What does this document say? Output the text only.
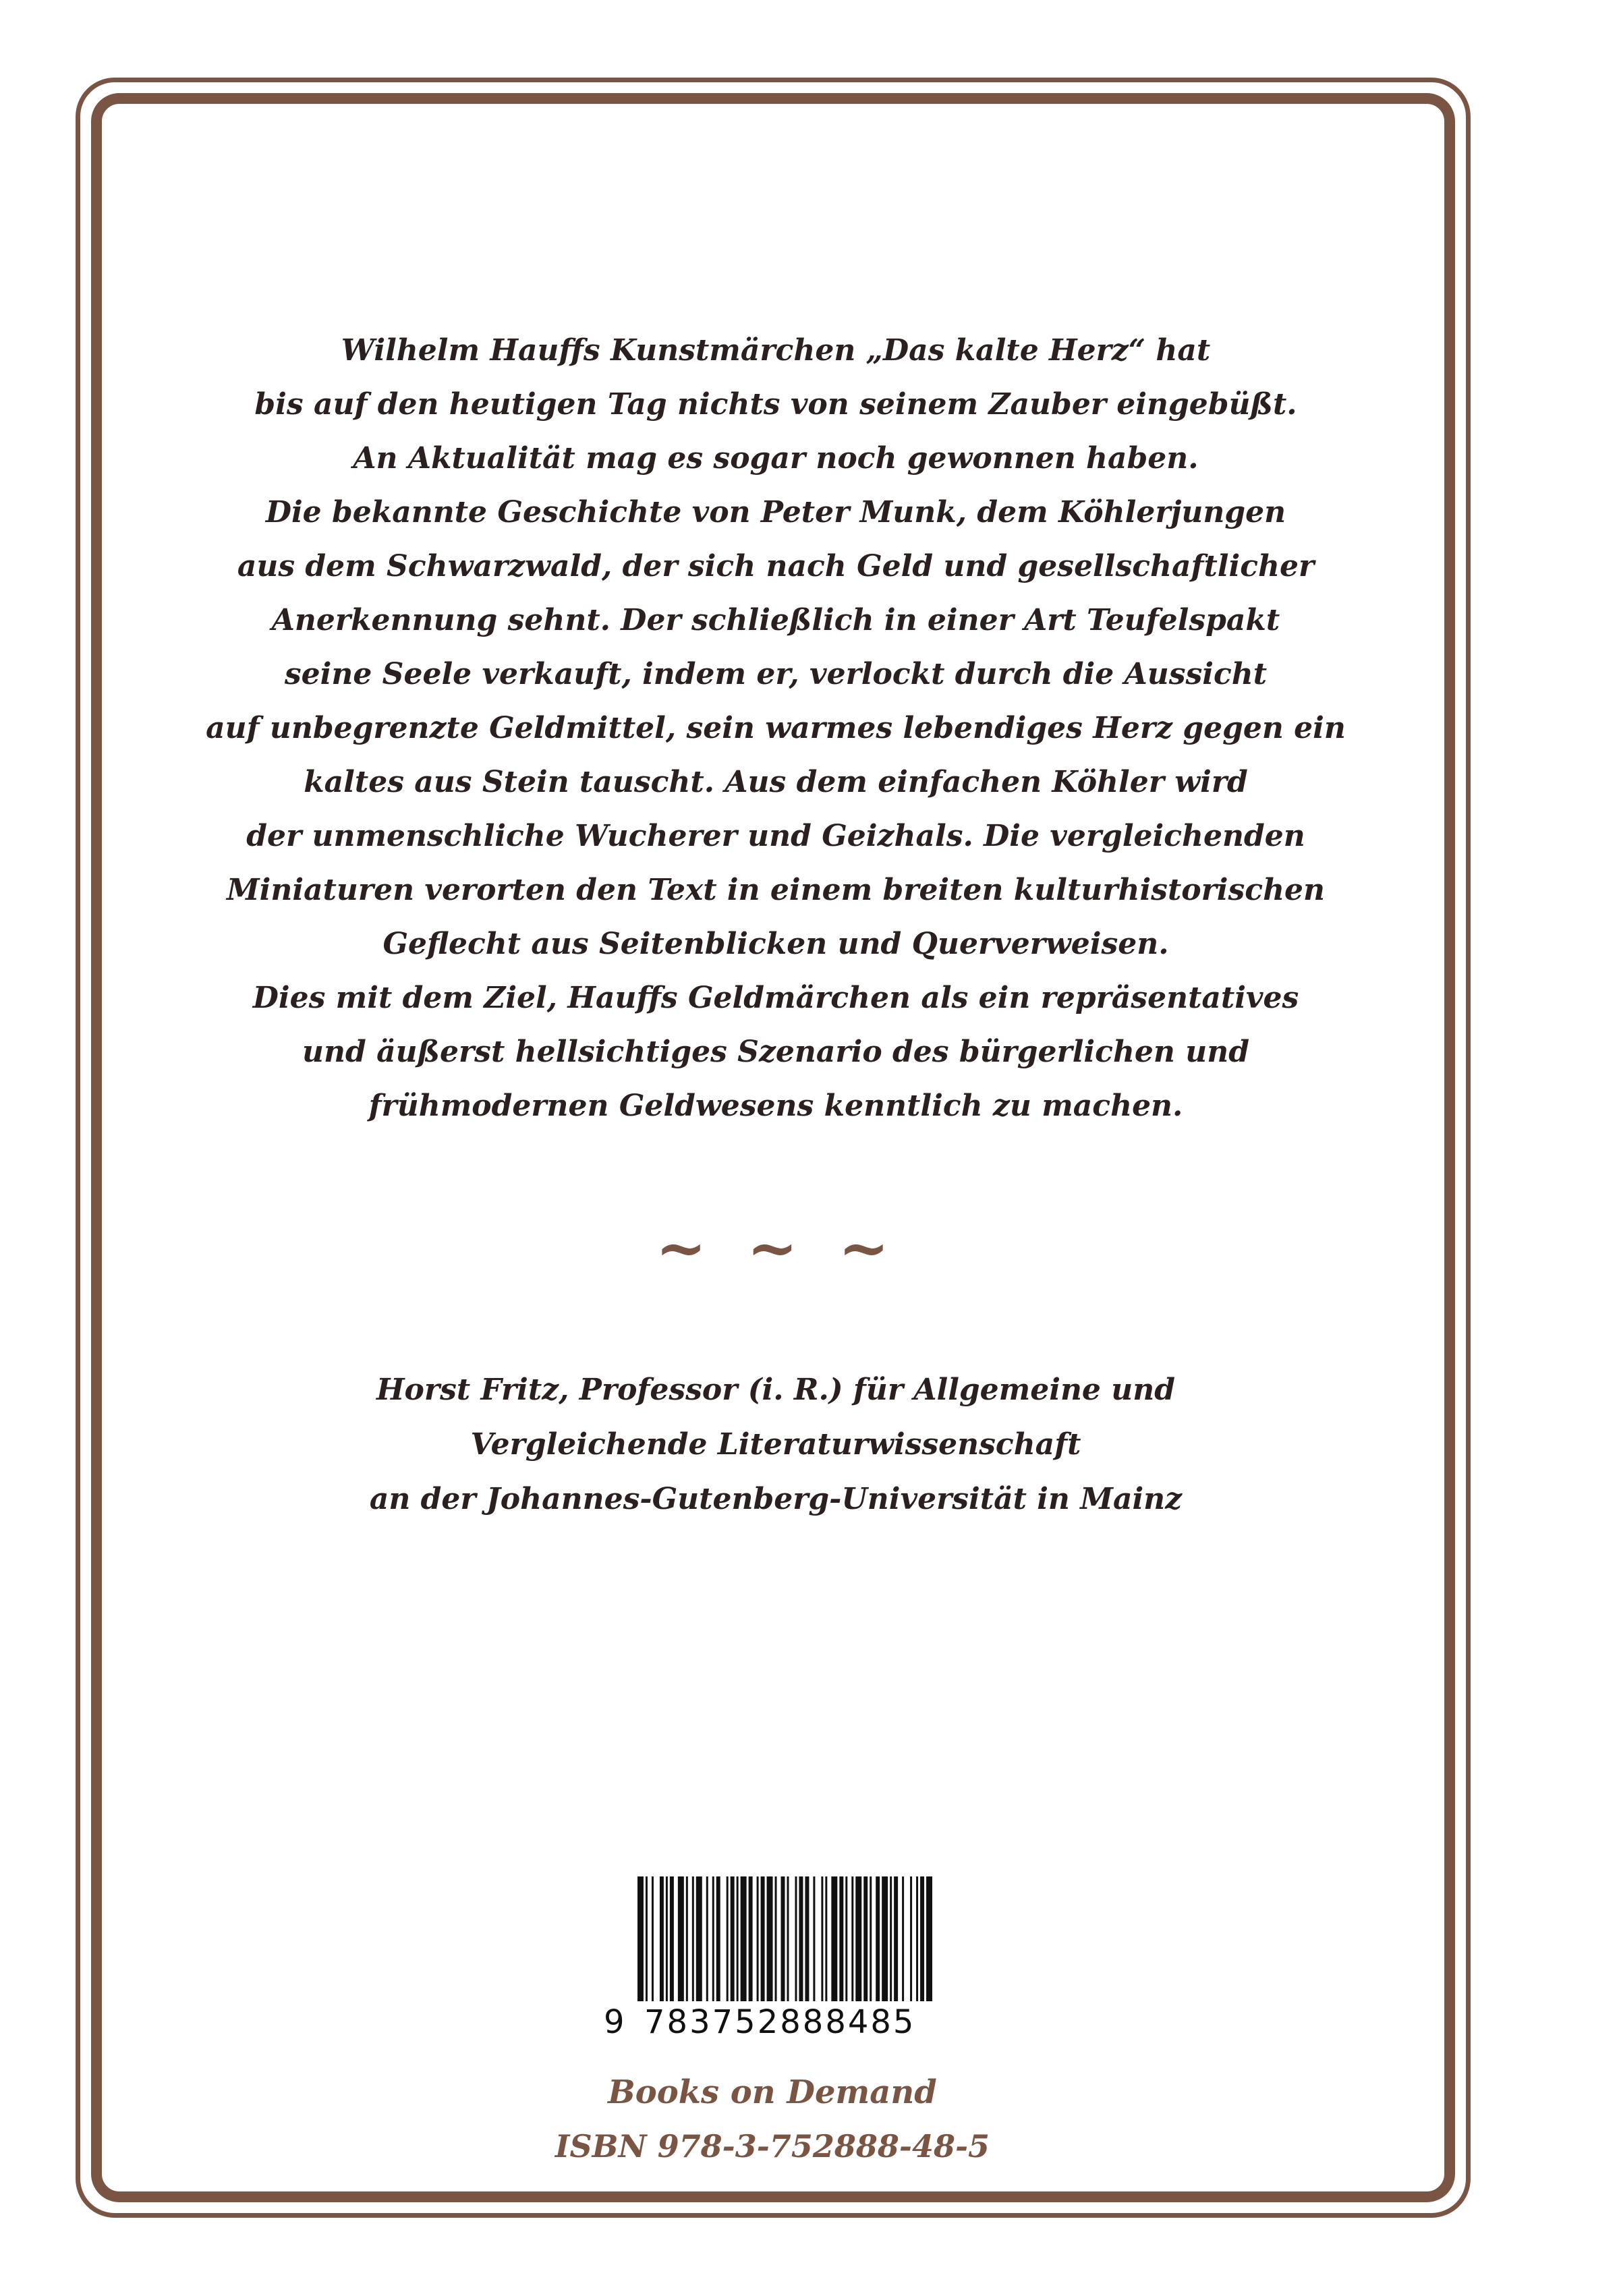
Wilhelm Hauffs Kunstmärchen „Das kalte Herz“ hat
bis auf den heutigen Tag nichts von seinem Zauber eingebüßt.
An Aktualität mag es sogar noch gewonnen haben.
Die bekannte Geschichte von Peter Munk, dem Köhlerjungen
aus dem Schwarzwald, der sich nach Geld und gesellschaftlicher
Anerkennung sehnt. Der schließlich in einer Art Teufelspakt
seine Seele verkauft, indem er, verlockt durch die Aussicht
auf unbegrenzte Geldmittel, sein warmes lebendiges Herz gegen ein
kaltes aus Stein tauscht. Aus dem einfachen Köhler wird
der unmenschliche Wucherer und Geizhals. Die vergleichenden
Miniaturen verorten den Text in einem breiten kulturhistorischen
Geflecht aus Seitenblicken und Querverweisen.
Dies mit dem Ziel, Hauffs Geldmärchen als ein repräsentatives
und äußerst hellsichtiges Szenario des bürgerlichen und
frühmodernen Geldwesens kenntlich zu machen.

~~~

Horst Fritz, Professor (i. R.) für Allgemeine und
Vergleichende Literaturwissenschaft
an der Johannes-Gutenberg-Universität in Mainz

9 783752888485
Books on Demand
ISBN 978-3-752888-48-5
